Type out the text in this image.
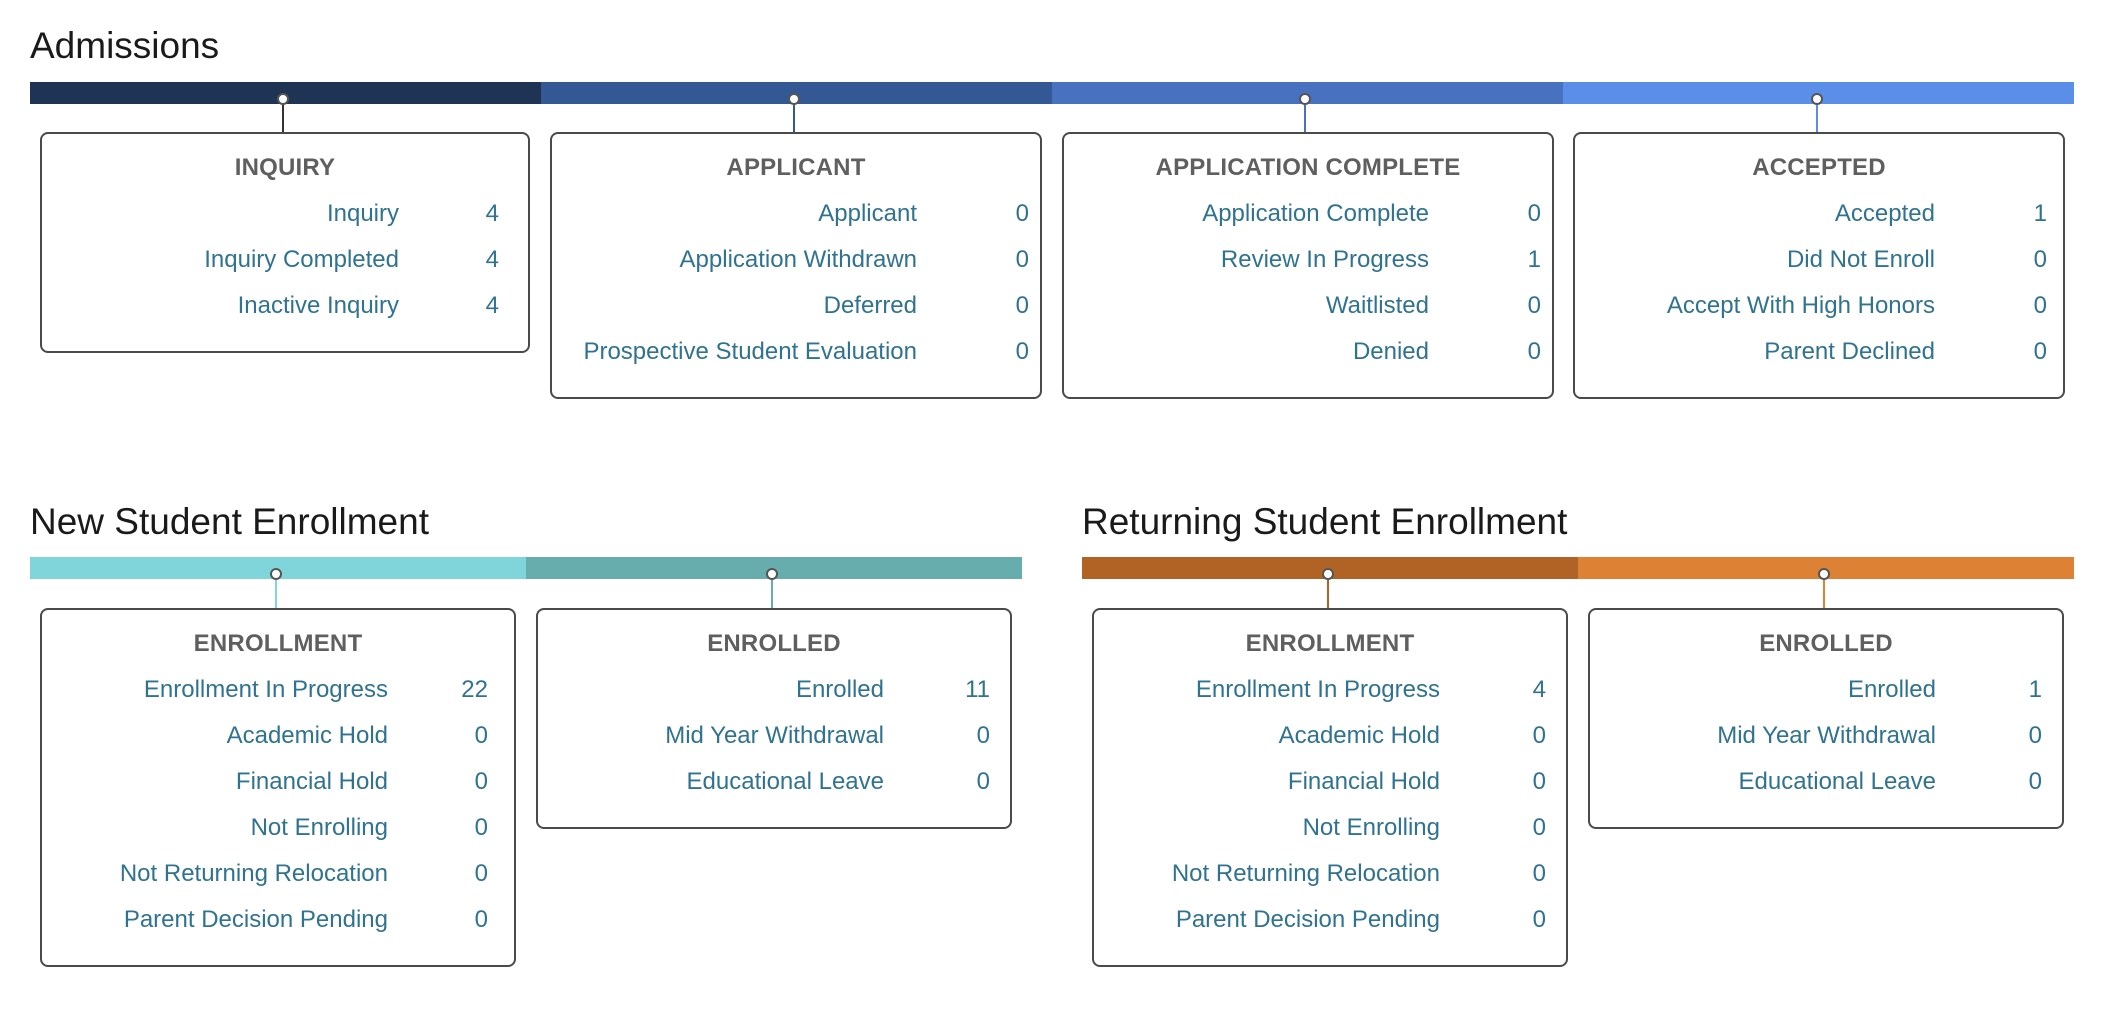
Admissions
New Student Enrollment	Returning Student Enrollment
INQUIRY
Inquiry	4
Inquiry Completed	4
Inactive Inquiry	4
APPLICANT
Applicant	0
Application Withdrawn	0
Deferred	0
Prospective Student Evaluation	0
APPLICATION COMPLETE
Application Complete	0
Review In Progress	1
Waitlisted	0
Denied	0
ACCEPTED
Accepted	1
Did Not Enroll	0
Accept With High Honors	0
Parent Declined	0
ENROLLMENT
Enrollment In Progress	22
Academic Hold	0
Financial Hold	0
Not Enrolling	0
Not Returning Relocation	0
Parent Decision Pending	0
ENROLLED
Enrolled	11
Mid Year Withdrawal	0
Educational Leave	0
ENROLLMENT
Enrollment In Progress	4
Academic Hold	0
Financial Hold	0
Not Enrolling	0
Not Returning Relocation	0
Parent Decision Pending	0
ENROLLED
Enrolled	1
Mid Year Withdrawal	0
Educational Leave	0
